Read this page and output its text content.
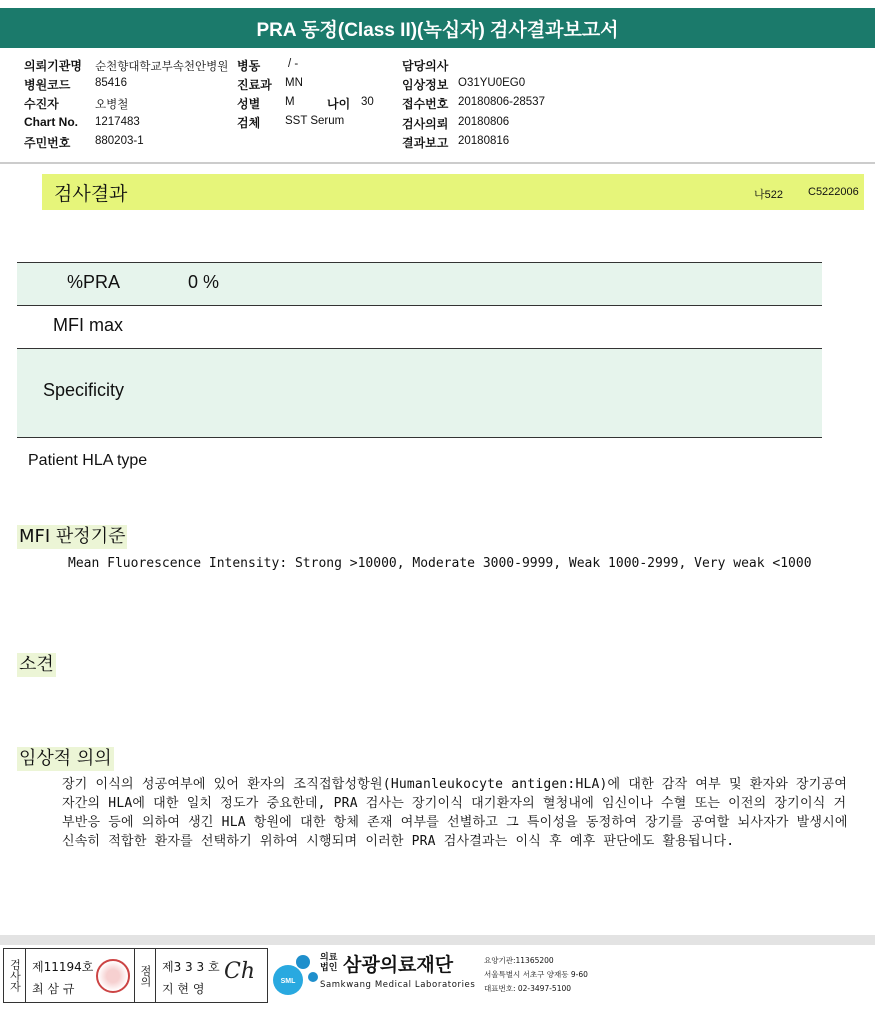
PRA 동정(Class II)(녹십자) 검사결과보고서
의뢰기관명 순천향대학교부속천안병원 병동 / -	담당의사
병원코드 85416	진료과 MN	임상정보 O31YU0EG0
수진자	오병철	성별 M	나이 30 접수번호 20180806-28537
Chart No. 1217483	검체 SST Serum	검사의뢰 20180806
주민번호 880203-1	결과보고 20180816
검사결과	나522 C5222006
%PRA	0 %
MFI max
Specificity
Patient HLA type
MFI 판정기준
Mean Fluorescence Intensity: Strong >10000, Moderate 3000-9999, Weak 1000-2999, Very weak <1000
소견
임상적 의의
장기 이식의 성공여부에 있어 환자의 조직접합성항원(Humanleukocyte antigen:HLA)에 대한 감작 여부 및 환자와 장기공여자간의 HLA에 대한 일치 정도가 중요한데, PRA 검사는 장기이식 대기환자의 혈청내에 임신이나 수혈 또는 이전의 장기이식 거부반응 등에 의하여 생긴 HLA 항원에 대한 항체 존재 여부를 선별하고 그 특이성을 동정하여 장기를 공여할 뇌사자가 발생시에 신속히 적합한 환자를 선택하기 위하여 시행되며 이러한 PRA 검사결과는 이식 후 예후 판단에도 활용됩니다.
검사자 제11194호
최 삼 규
점의 제3 3 3 호
지 현 영
Ch	SML
의료
법인 삼광의료재단
Samkwang Medical Laboratories
요양기관:11365200
서울특별시 서초구 양재동 9-60
대표번호: 02-3497-5100
